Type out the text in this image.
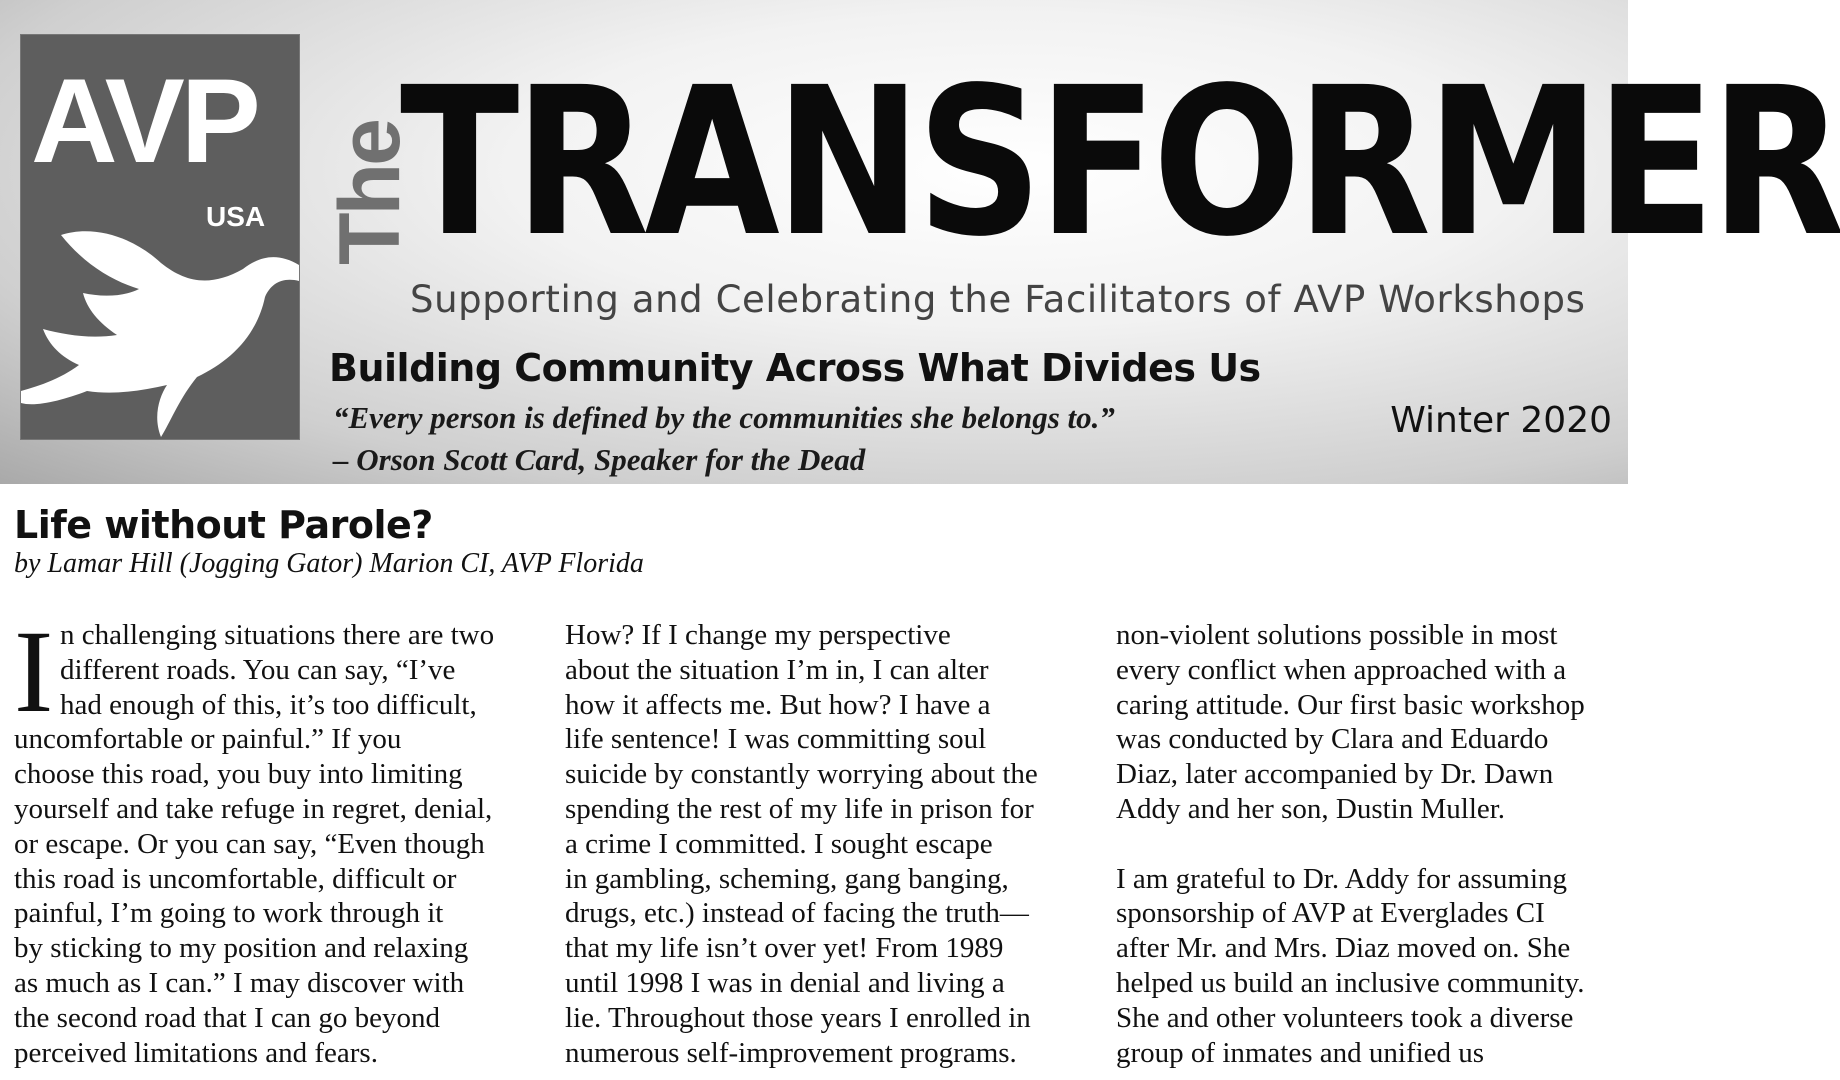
AVP
USA The
TRANSFORMER
Supporting and Celebrating the Facilitators of AVP Workshops
Building Community Across What Divides Us
“Every person is defined by the communities she belongs to.”
– Orson Scott Card, Speaker for the Dead
Winter 2020
Life without Parole?
by Lamar Hill (Jogging Gator) Marion CI, AVP Florida
I n challenging situations there are two
different roads. You can say, “I’ve
had enough of this, it’s too difficult,
uncomfortable or painful.” If you
choose this road, you buy into limiting
yourself and take refuge in regret, denial,
or escape. Or you can say, “Even though
this road is uncomfortable, difficult or
painful, I’m going to work through it
by sticking to my position and relaxing
as much as I can.” I may discover with
the second road that I can go beyond
perceived limitations and fears.
How? If I change my perspective
about the situation I’m in, I can alter
how it affects me. But how? I have a
life sentence! I was committing soul
suicide by constantly worrying about the
spending the rest of my life in prison for
a crime I committed. I sought escape
in gambling, scheming, gang banging,
drugs, etc.) instead of facing the truth—
that my life isn’t over yet! From 1989
until 1998 I was in denial and living a
lie. Throughout those years I enrolled in
numerous self-improvement programs.
non-violent solutions possible in most
every conflict when approached with a
caring attitude. Our first basic workshop
was conducted by Clara and Eduardo
Diaz, later accompanied by Dr. Dawn
Addy and her son, Dustin Muller.
I am grateful to Dr. Addy for assuming
sponsorship of AVP at Everglades CI
after Mr. and Mrs. Diaz moved on. She
helped us build an inclusive community.
She and other volunteers took a diverse
group of inmates and unified us
